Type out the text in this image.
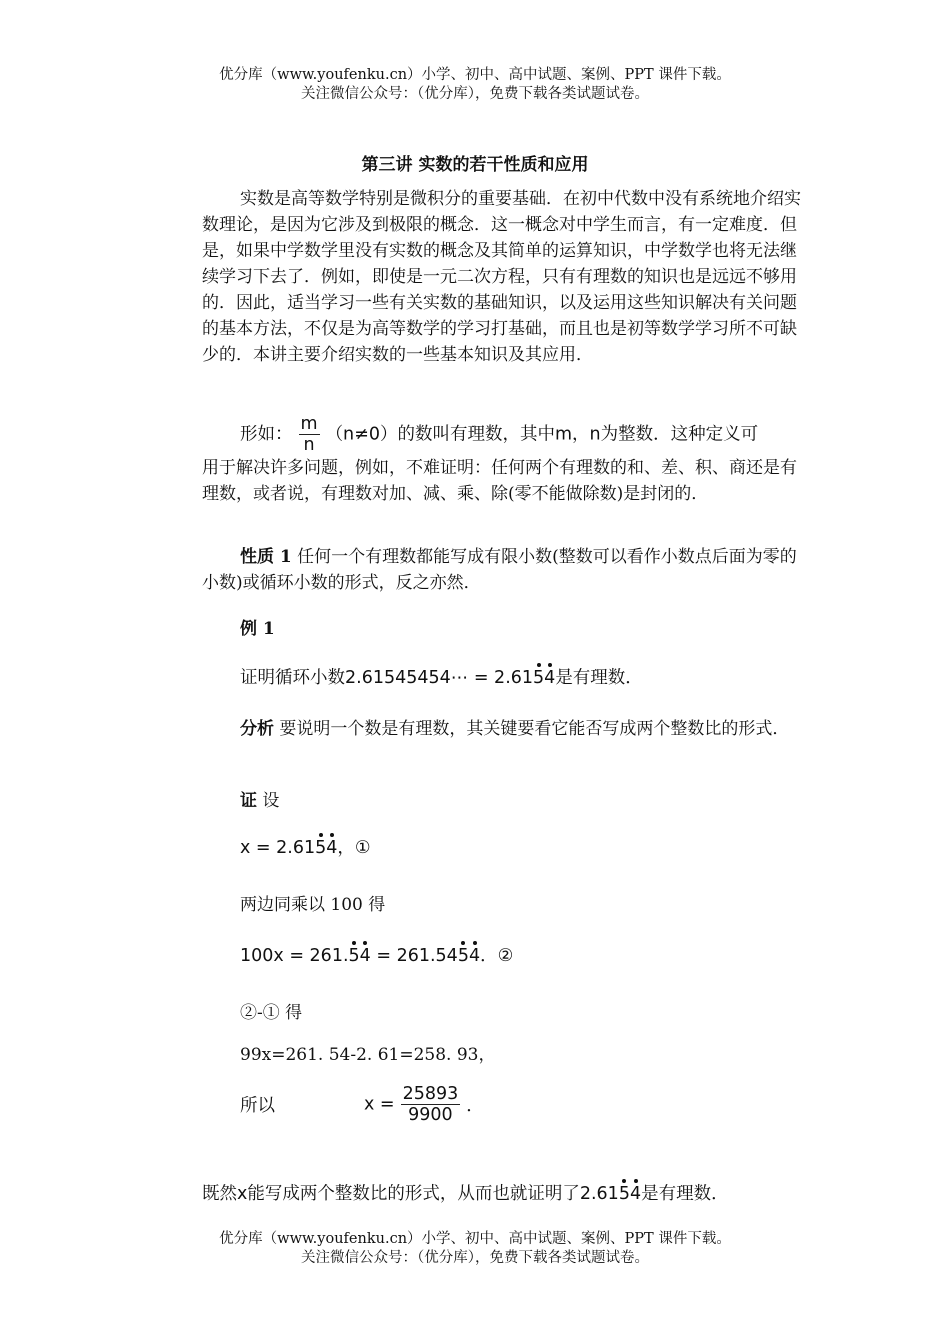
优分库（www.youfenku.cn）小学、初中、高中试题、案例、PPT 课件下载。
关注微信公众号：（优分库），免费下载各类试题试卷。
第三讲 实数的若干性质和应用

实数是高等数学特别是微积分的重要基础．在初中代数中没有系统地介绍实数理论，是因为它涉及到极限的概念．这一概念对中学生而言，有一定难度．但是，如果中学数学里没有实数的概念及其简单的运算知识，中学数学也将无法继续学习下去了．例如，即使是一元二次方程，只有有理数的知识也是远远不够用的．因此，适当学习一些有关实数的基础知识，以及运用这些知识解决有关问题的基本方法，不仅是为高等数学的学习打基础，而且也是初等数学学习所不可缺少的．本讲主要介绍实数的一些基本知识及其应用．

形如： $\frac{m}{n} (n\ne 0)$的数叫有理数，其中m，n为整数．这种定义可

用于解决许多问题，例如，不难证明：任何两个有理数的和、差、积、商还是有理数，或者说，有理数对加、减、乘、除(零不能做除数)是封闭的．

性质 1 任何一个有理数都能写成有限小数(整数可以看作小数点后面为零的小数)或循环小数的形式，反之亦然．

例 1
证明循环小数2.61545454⋯ = 2.6154是有理数．

分析 要说明一个数是有理数，其关键要看它能否写成两个整数比的形式．

证 设
x = 2.6154，①
两边同乘以 100 得
100x = 261.54 = 261.5454．②
②-① 得
99x=261. 54-2. 61=258. 93，
所以	$x = \frac{25893}{9900}$ ．
既然x能写成两个整数比的形式，从而也就证明了2.6154是有理数．
优分库（www.youfenku.cn）小学、初中、高中试题、案例、PPT 课件下载。
关注微信公众号：（优分库），免费下载各类试题试卷。
